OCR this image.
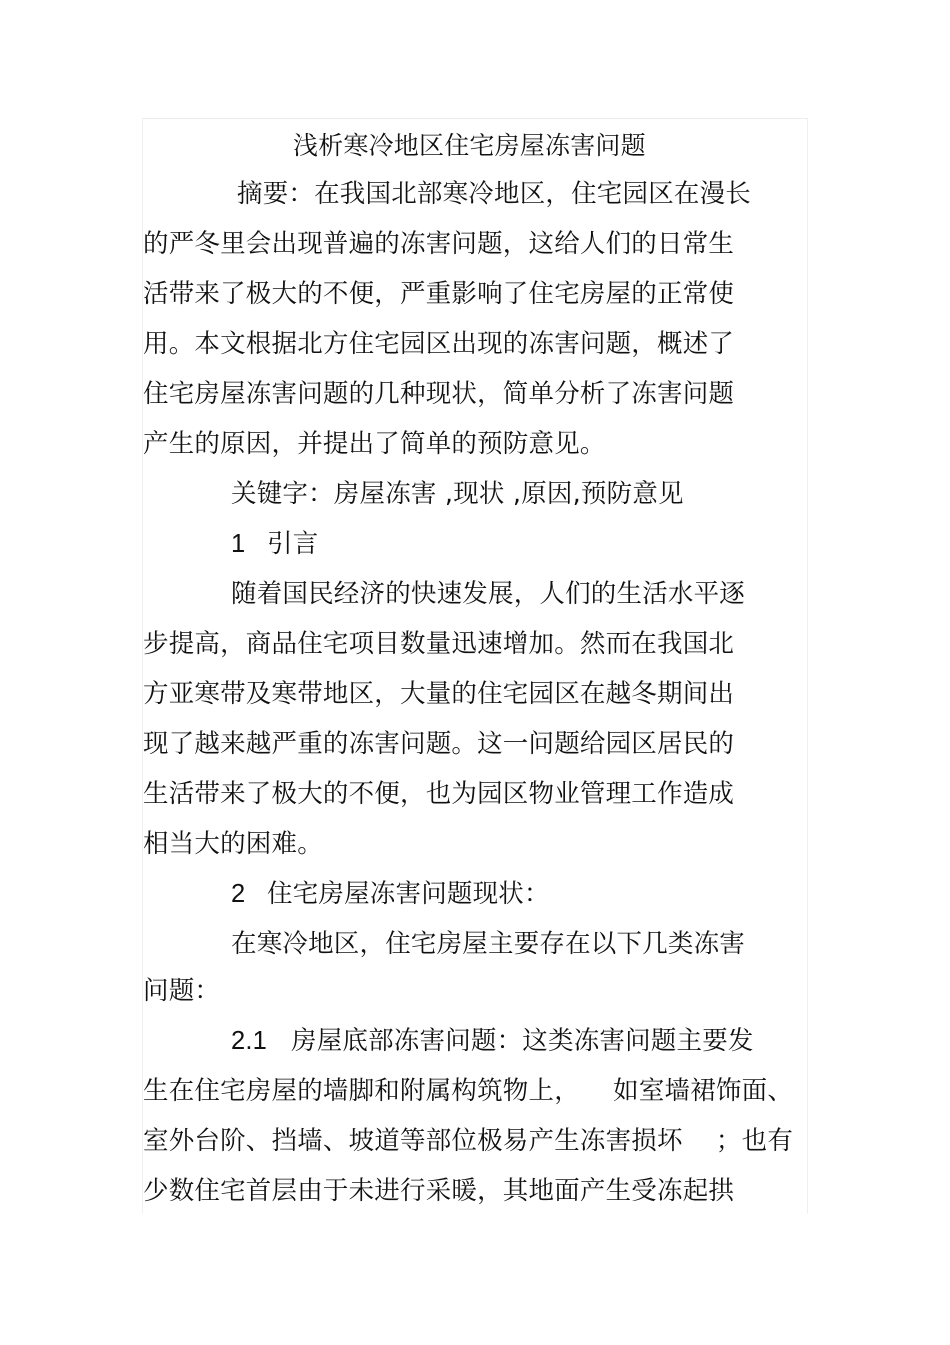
浅析寒冷地区住宅房屋冻害问题
摘要：在我国北部寒冷地区，住宅园区在漫长
的严冬里会出现普遍的冻害问题，这给人们的日常生
活带来了极大的不便，严重影响了住宅房屋的正常使
用。本文根据北方住宅园区出现的冻害问题，概述了
住宅房屋冻害问题的几种现状，简单分析了冻害问题
产生的原因，并提出了简单的预防意见。
关键字：房屋冻害 ,现状 ,原因,预防意见
1 引言
随着国民经济的快速发展，人们的生活水平逐
步提高，商品住宅项目数量迅速增加。然而在我国北
方亚寒带及寒带地区，大量的住宅园区在越冬期间出
现了越来越严重的冻害问题。这一问题给园区居民的
生活带来了极大的不便，也为园区物业管理工作造成
相当大的困难。
2 住宅房屋冻害问题现状：
在寒冷地区，住宅房屋主要存在以下几类冻害
问题：
2.1 房屋底部冻害问题：这类冻害问题主要发
生在住宅房屋的墙脚和附属构筑物上，    如室墙裙饰面、
室外台阶、挡墙、坡道等部位极易产生冻害损坏    ；也有
少数住宅首层由于未进行采暖，其地面产生受冻起拱
